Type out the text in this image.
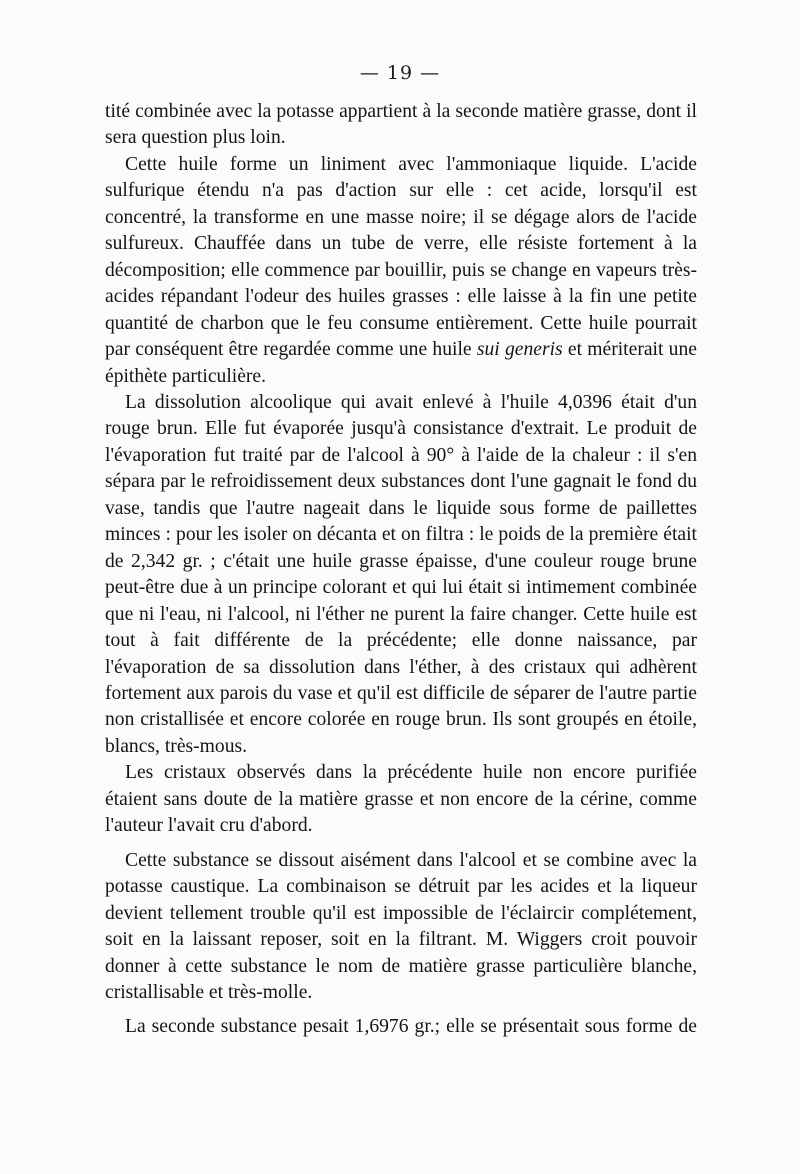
— 19 —

tité combinée avec la potasse appartient à la seconde matière grasse, dont il sera question plus loin.

Cette huile forme un liniment avec l'ammoniaque liquide. L'acide sulfurique étendu n'a pas d'action sur elle : cet acide, lorsqu'il est concentré, la transforme en une masse noire; il se dégage alors de l'acide sulfureux. Chauffée dans un tube de verre, elle résiste fortement à la décomposition; elle commence par bouillir, puis se change en vapeurs très-acides répandant l'odeur des huiles grasses : elle laisse à la fin une petite quantité de charbon que le feu consume entièrement. Cette huile pourrait par conséquent être regardée comme une huile sui generis et mériterait une épithète particulière.

La dissolution alcoolique qui avait enlevé à l'huile 4,0396 était d'un rouge brun. Elle fut évaporée jusqu'à consistance d'extrait. Le produit de l'évaporation fut traité par de l'alcool à 90° à l'aide de la chaleur : il s'en sépara par le refroidissement deux substances dont l'une gagnait le fond du vase, tandis que l'autre nageait dans le liquide sous forme de paillettes minces : pour les isoler on décanta et on filtra : le poids de la première était de 2,342 gr. ; c'était une huile grasse épaisse, d'une couleur rouge brune peut-être due à un principe colorant et qui lui était si intimement combinée que ni l'eau, ni l'alcool, ni l'éther ne purent la faire changer. Cette huile est tout à fait différente de la précédente; elle donne naissance, par l'évaporation de sa dissolution dans l'éther, à des cristaux qui adhèrent fortement aux parois du vase et qu'il est difficile de séparer de l'autre partie non cristallisée et encore colorée en rouge brun. Ils sont groupés en étoile, blancs, très-mous.

Les cristaux observés dans la précédente huile non encore purifiée étaient sans doute de la matière grasse et non encore de la cérine, comme l'auteur l'avait cru d'abord.

Cette substance se dissout aisément dans l'alcool et se combine avec la potasse caustique. La combinaison se détruit par les acides et la liqueur devient tellement trouble qu'il est impossible de l'éclaircir complétement, soit en la laissant reposer, soit en la filtrant. M. Wiggers croit pouvoir donner à cette substance le nom de matière grasse particulière blanche, cristallisable et très-molle.

La seconde substance pesait 1,6976 gr.; elle se présentait sous forme de
